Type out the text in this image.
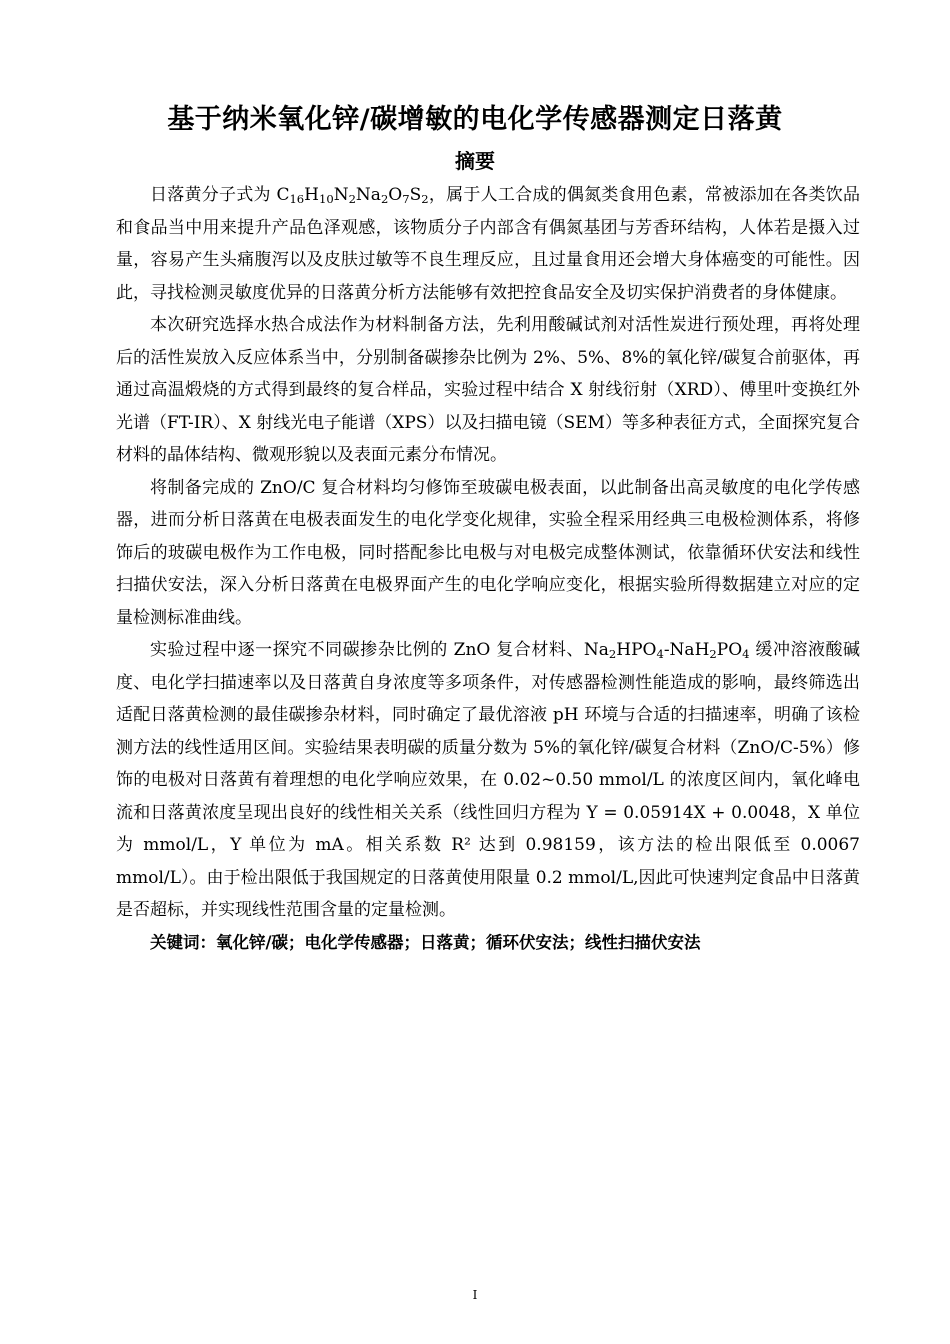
基于纳米氧化锌/碳增敏的电化学传感器测定日落黄
摘要

日落黄分子式为 $C_{16}H_{10}N_2Na_2O_7S_2$，属于人工合成的偶氮类食用色素，常被添加在各类饮品和食品当中用来提升产品色泽观感，该物质分子内部含有偶氮基团与芳香环结构，人体若是摄入过量，容易产生头痛腹泻以及皮肤过敏等不良生理反应，且过量食用还会增大身体癌变的可能性。因此，寻找检测灵敏度优异的日落黄分析方法能够有效把控食品安全及切实保护消费者的身体健康。

本次研究选择水热合成法作为材料制备方法，先利用酸碱试剂对活性炭进行预处理，再将处理后的活性炭放入反应体系当中，分别制备碳掺杂比例为 2%、5%、8%的氧化锌/碳复合前驱体，再通过高温煅烧的方式得到最终的复合样品，实验过程中结合 X 射线衍射（XRD）、傅里叶变换红外光谱（FT-IR）、X 射线光电子能谱（XPS）以及扫描电镜（SEM）等多种表征方式，全面探究复合材料的晶体结构、微观形貌以及表面元素分布情况。

将制备完成的 ZnO/C 复合材料均匀修饰至玻碳电极表面，以此制备出高灵敏度的电化学传感器，进而分析日落黄在电极表面发生的电化学变化规律，实验全程采用经典三电极检测体系，将修饰后的玻碳电极作为工作电极，同时搭配参比电极与对电极完成整体测试，依靠循环伏安法和线性扫描伏安法，深入分析日落黄在电极界面产生的电化学响应变化，根据实验所得数据建立对应的定量检测标准曲线。

实验过程中逐一探究不同碳掺杂比例的 ZnO 复合材料、$Na_2HPO_4-NaH_2PO_4$ 缓冲溶液酸碱度、电化学扫描速率以及日落黄自身浓度等多项条件，对传感器检测性能造成的影响，最终筛选出适配日落黄检测的最佳碳掺杂材料，同时确定了最优溶液 pH 环境与合适的扫描速率，明确了该检测方法的线性适用区间。实验结果表明碳的质量分数为 5%的氧化锌/碳复合材料（ZnO/C-5%）修饰的电极对日落黄有着理想的电化学响应效果，在 0.02~0.50 mmol/L 的浓度区间内，氧化峰电流和日落黄浓度呈现出良好的线性相关关系（线性回归方程为 Y = 0.05914X + 0.0048，X 单位为 mmol/L，Y 单位为 mA。相关系数 R² 达到 0.98159，该方法的检出限低至 0.0067 mmol/L）。由于检出限低于我国规定的日落黄使用限量 0.2 mmol/L,因此可快速判定食品中日落黄是否超标，并实现线性范围含量的定量检测。

关键词：氧化锌/碳；电化学传感器；日落黄；循环伏安法；线性扫描伏安法

I
